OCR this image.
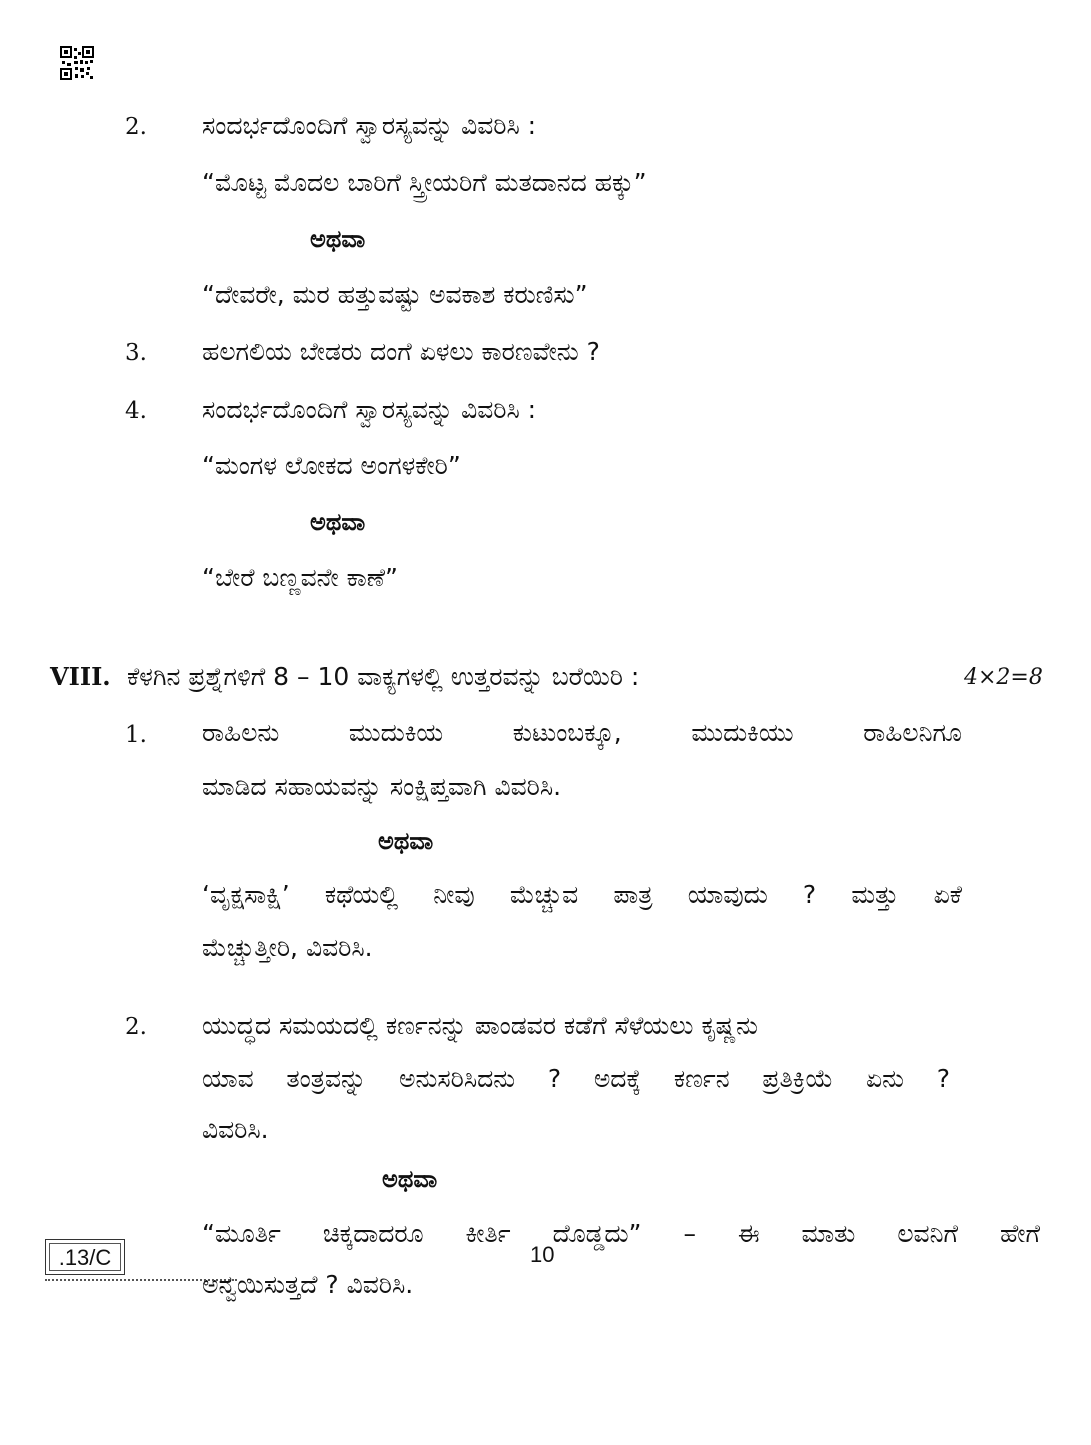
2. ಸಂದರ್ಭದೊಂದಿಗೆ ಸ್ವಾರಸ್ಯವನ್ನು ವಿವರಿಸಿ :
“ಮೊಟ್ಟ ಮೊದಲ ಬಾರಿಗೆ ಸ್ತ್ರೀಯರಿಗೆ ಮತದಾನದ ಹಕ್ಕು”
ಅಥವಾ
“ದೇವರೇ, ಮರ ಹತ್ತುವಷ್ಟು ಅವಕಾಶ ಕರುಣಿಸು”
3. ಹಲಗಲಿಯ ಬೇಡರು ದಂಗೆ ಏಳಲು ಕಾರಣವೇನು ?
4. ಸಂದರ್ಭದೊಂದಿಗೆ ಸ್ವಾರಸ್ಯವನ್ನು ವಿವರಿಸಿ :
“ಮಂಗಳ ಲೋಕದ ಅಂಗಳಕೇರಿ”
ಅಥವಾ
“ಬೇರೆ ಬಣ್ಣವನೇ ಕಾಣೆ”
VIII. ಕೆಳಗಿನ ಪ್ರಶ್ನೆಗಳಿಗೆ 8 – 10 ವಾಕ್ಯಗಳಲ್ಲಿ ಉತ್ತರವನ್ನು ಬರೆಯಿರಿ :	4×2=8
1. ರಾಹಿಲನು ಮುದುಕಿಯ ಕುಟುಂಬಕ್ಕೂ, ಮುದುಕಿಯು ರಾಹಿಲನಿಗೂ
ಮಾಡಿದ ಸಹಾಯವನ್ನು ಸಂಕ್ಷಿಪ್ತವಾಗಿ ವಿವರಿಸಿ.
ಅಥವಾ
‘ವೃಕ್ಷಸಾಕ್ಷಿ’ ಕಥೆಯಲ್ಲಿ ನೀವು ಮೆಚ್ಚುವ ಪಾತ್ರ ಯಾವುದು ? ಮತ್ತು ಏಕೆ
ಮೆಚ್ಚುತ್ತೀರಿ, ವಿವರಿಸಿ.
2. ಯುದ್ಧದ ಸಮಯದಲ್ಲಿ ಕರ್ಣನನ್ನು ಪಾಂಡವರ ಕಡೆಗೆ ಸೆಳೆಯಲು ಕೃಷ್ಣನು
ಯಾವ ತಂತ್ರವನ್ನು ಅನುಸರಿಸಿದನು ? ಅದಕ್ಕೆ ಕರ್ಣನ ಪ್ರತಿಕ್ರಿಯೆ ಏನು ?
ವಿವರಿಸಿ.
ಅಥವಾ
“ಮೂರ್ತಿ ಚಿಕ್ಕದಾದರೂ ಕೀರ್ತಿ ದೊಡ್ಡದು” – ಈ ಮಾತು ಲವನಿಗೆ ಹೇಗೆ
ಅನ್ವಯಿಸುತ್ತದೆ ? ವಿವರಿಸಿ.
.13/C	10
